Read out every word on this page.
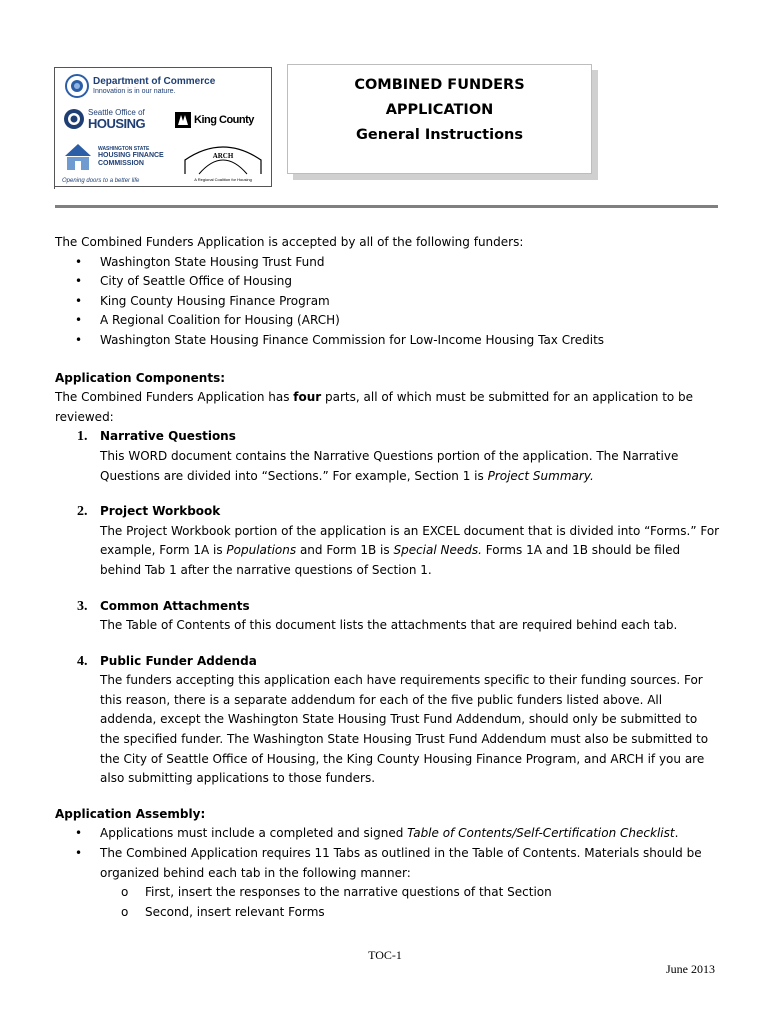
Department of Commerce
Innovation is in our nature.
Seattle Office of
HOUSING	King County
WASHINGTON STATE
HOUSING FINANCE
COMMISSION
Opening doors to a better life
ARCH
A Regional Coalition for Housing
COMBINED FUNDERS
APPLICATION
General Instructions

The Combined Funders Application is accepted by all of the following funders:

• Washington State Housing Trust Fund
• City of Seattle Office of Housing
• King County Housing Finance Program
• A Regional Coalition for Housing (ARCH)
• Washington State Housing Finance Commission for Low-Income Housing Tax Credits

Application Components:

The Combined Funders Application has four parts, all of which must be submitted for an application to be reviewed:

1. Narrative Questions
This WORD document contains the Narrative Questions portion of the application. The Narrative Questions are divided into “Sections.” For example, Section 1 is Project Summary.
2. Project Workbook
The Project Workbook portion of the application is an EXCEL document that is divided into “Forms.” For example, Form 1A is Populations and Form 1B is Special Needs. Forms 1A and 1B should be filed behind Tab 1 after the narrative questions of Section 1.
3. Common Attachments
The Table of Contents of this document lists the attachments that are required behind each tab.
4. Public Funder Addenda
The funders accepting this application each have requirements specific to their funding sources. For this reason, there is a separate addendum for each of the five public funders listed above. All addenda, except the Washington State Housing Trust Fund Addendum, should only be submitted to the specified funder. The Washington State Housing Trust Fund Addendum must also be submitted to the City of Seattle Office of Housing, the King County Housing Finance Program, and ARCH if you are also submitting applications to those funders.

Application Assembly:

• Applications must include a completed and signed Table of Contents/Self-Certification Checklist.
• The Combined Application requires 11 Tabs as outlined in the Table of Contents. Materials should be organized behind each tab in the following manner:
o First, insert the responses to the narrative questions of that Section
o Second, insert relevant Forms
TOC-1
June 2013
